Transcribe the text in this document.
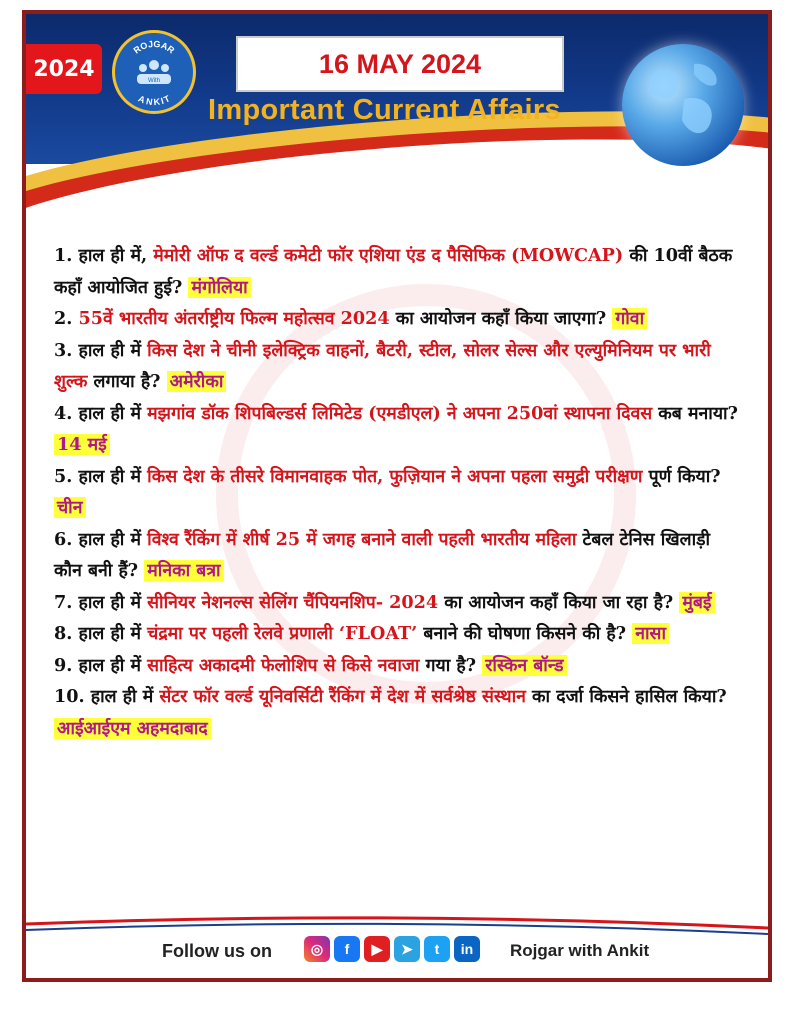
2024
ROJGAR
ANKIT
With
16 MAY 2024
Important Current Affairs

1. हाल ही में, मेमोरी ऑफ द वर्ल्ड कमेटी फॉर एशिया एंड द पैसिफिक (MOWCAP) की 10वीं बैठक कहाँ आयोजित हुई? मंगोलिया

2. 55वें भारतीय अंतर्राष्ट्रीय फिल्म महोत्सव 2024 का आयोजन कहाँ किया जाएगा? गोवा

3. हाल ही में किस देश ने चीनी इलेक्ट्रिक वाहनों, बैटरी, स्टील, सोलर सेल्स और एल्युमिनियम पर भारी शुल्क लगाया है? अमेरीका

4. हाल ही में मझगांव डॉक शिपबिल्डर्स लिमिटेड (एमडीएल) ने अपना 250वां स्थापना दिवस कब मनाया? 14 मई

5. हाल ही में किस देश के तीसरे विमानवाहक पोत, फुज़ियान ने अपना पहला समुद्री परीक्षण पूर्ण किया? चीन

6. हाल ही में विश्व रैंकिंग में शीर्ष 25 में जगह बनाने वाली पहली भारतीय महिला टेबल टेनिस खिलाड़ी कौन बनी हैं? मनिका बत्रा

7. हाल ही में सीनियर नेशनल्स सेलिंग चैंपियनशिप- 2024 का आयोजन कहाँ किया जा रहा है? मुंबई

8. हाल ही में चंद्रमा पर पहली रेलवे प्रणाली ‘FLOAT’ बनाने की घोषणा किसने की है? नासा

9. हाल ही में साहित्य अकादमी फेलोशिप से किसे नवाजा गया है? रस्किन बॉन्ड

10. हाल ही में सेंटर फॉर वर्ल्ड यूनिवर्सिटी रैंकिंग में देश में सर्वश्रेष्ठ संस्थान का दर्जा किसने हासिल किया? आईआईएम अहमदाबाद

Follow us on	◎	f	▶	➤	t	in	Rojgar with Ankit
